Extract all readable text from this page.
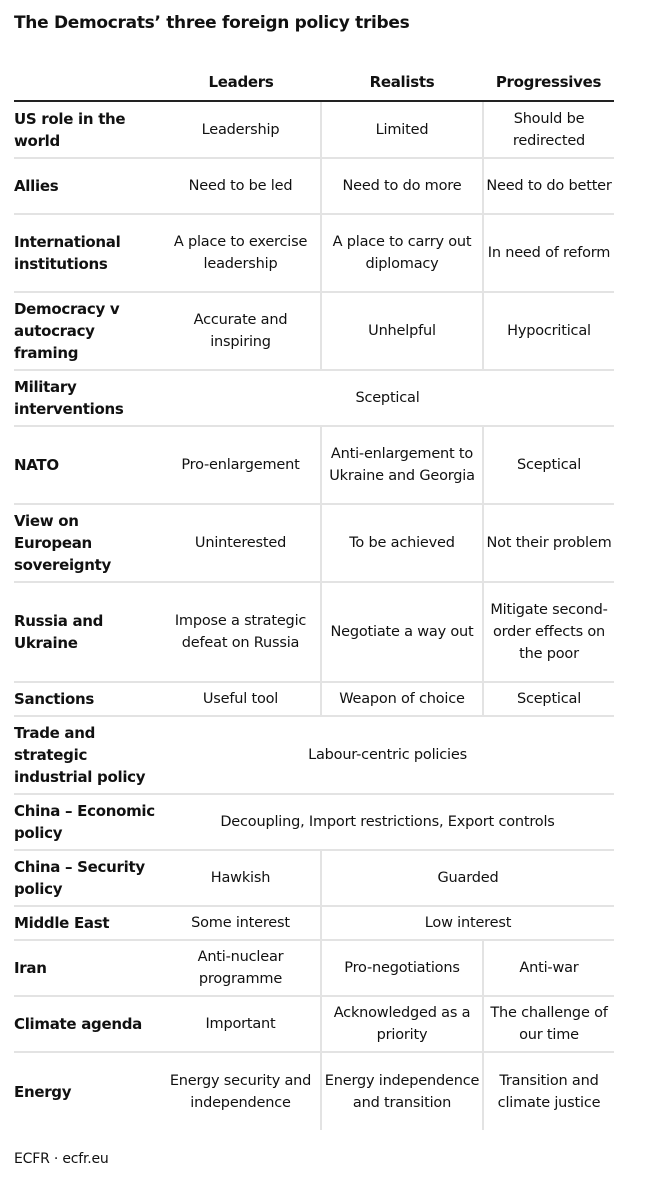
The Democrats’ three foreign policy tribes
	Leaders	Realists	Progressives
US role in the world	Leadership	Limited	Should be redirected
Allies	Need to be led	Need to do more	Need to do better
International institutions	A place to exercise leadership	A place to carry out diplomacy	In need of reform
Democracy v autocracy framing	Accurate and inspiring	Unhelpful	Hypocritical
Military interventions	Sceptical		
NATO	Pro-enlargement	Anti-enlargement to Ukraine and Georgia	Sceptical
View on European sovereignty	Uninterested	To be achieved	Not their problem
Russia and Ukraine	Impose a strategic defeat on Russia	Negotiate a way out	Mitigate second-order effects on the poor
Sanctions	Useful tool	Weapon of choice	Sceptical
Trade and strategic industrial policy	Labour-centric policies		
China – Economic policy	Decoupling, Import restrictions, Export controls		
China – Security policy	Hawkish	Guarded	
Middle East	Some interest	Low interest	
Iran	Anti-nuclear programme	Pro-negotiations	Anti-war
Climate agenda	Important	Acknowledged as a priority	The challenge of our time
Energy	Energy security and independence	Energy independence and transition	Transition and climate justice
ECFR · ecfr.eu
